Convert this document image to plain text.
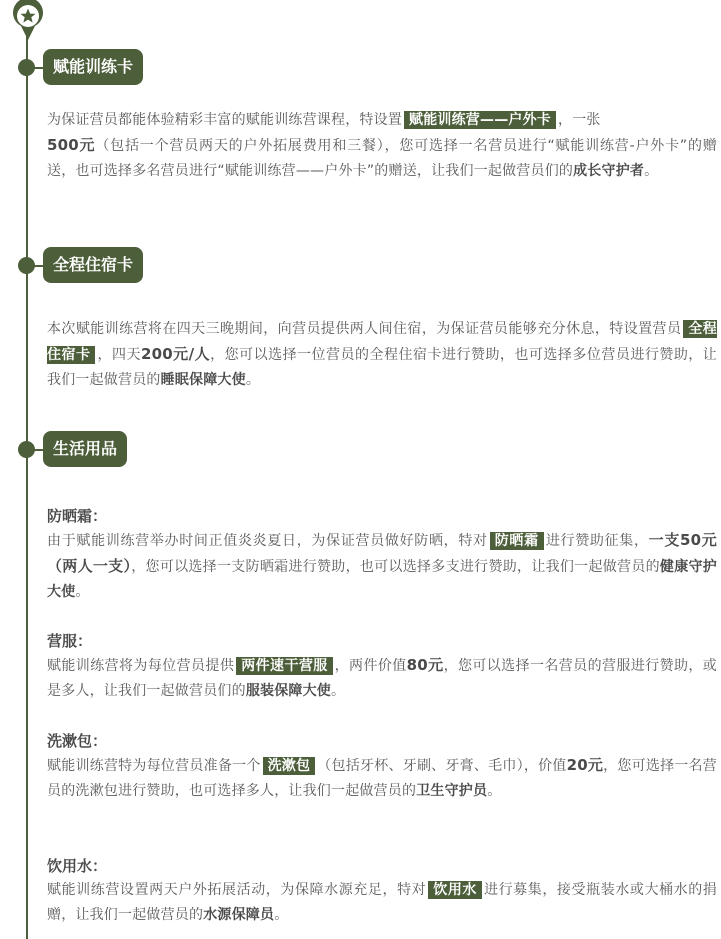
赋能训练卡

为保证营员都能体验精彩丰富的赋能训练营课程，特设置 赋能训练营——户外卡 ，一张
500元（包括一个营员两天的户外拓展费用和三餐），您可选择一名营员进行“赋能训练营-户外卡”的赠送，也可选择多名营员进行“赋能训练营——户外卡”的赠送，让我们一起做营员们的成长守护者。

全程住宿卡

本次赋能训练营将在四天三晚期间，向营员提供两人间住宿，为保证营员能够充分休息，特设置营员 全程住宿卡 ，四天200元/人，您可以选择一位营员的全程住宿卡进行赞助，也可选择多位营员进行赞助，让我们一起做营员的睡眠保障大使。

生活用品
防晒霜：

由于赋能训练营举办时间正值炎炎夏日，为保证营员做好防晒，特对 防晒霜 进行赞助征集，一支50元（两人一支），您可以选择一支防晒霜进行赞助，也可以选择多支进行赞助，让我们一起做营员的健康守护大使。

营服：

赋能训练营将为每位营员提供 两件速干营服 ，两件价值80元，您可以选择一名营员的营服进行赞助，或是多人，让我们一起做营员们的服装保障大使。

洗漱包：

赋能训练营特为每位营员准备一个 洗漱包 （包括牙杯、牙刷、牙膏、毛巾），价值20元，您可选择一名营员的洗漱包进行赞助，也可选择多人，让我们一起做营员的卫生守护员。

饮用水：

赋能训练营设置两天户外拓展活动，为保障水源充足，特对 饮用水 进行募集，接受瓶装水或大桶水的捐赠，让我们一起做营员的水源保障员。
